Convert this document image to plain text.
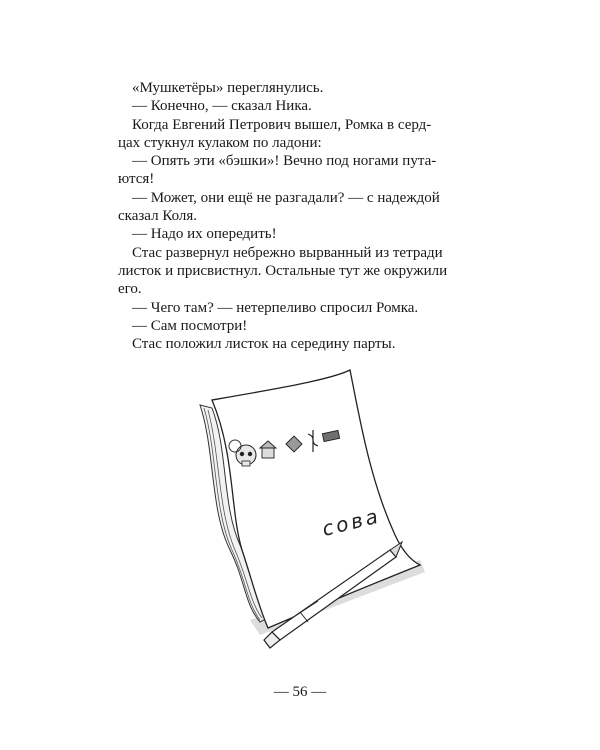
«Мушкетёры» переглянулись.
— Конечно, — сказал Ника.
Когда Евгений Петрович вышел, Ромка в серд-
цах стукнул кулаком по ладони:
— Опять эти «бэшки»! Вечно под ногами пута-
ются!
— Может, они ещё не разгадали? — с надеждой
сказал Коля.
— Надо их опередить!
Стас развернул небрежно вырванный из тетради
листок и присвистнул. Остальные тут же окружили
его.
— Чего там? — нетерпеливо спросил Ромка.
— Сам посмотри!
Стас положил листок на середину парты.
сова
— 56 —
